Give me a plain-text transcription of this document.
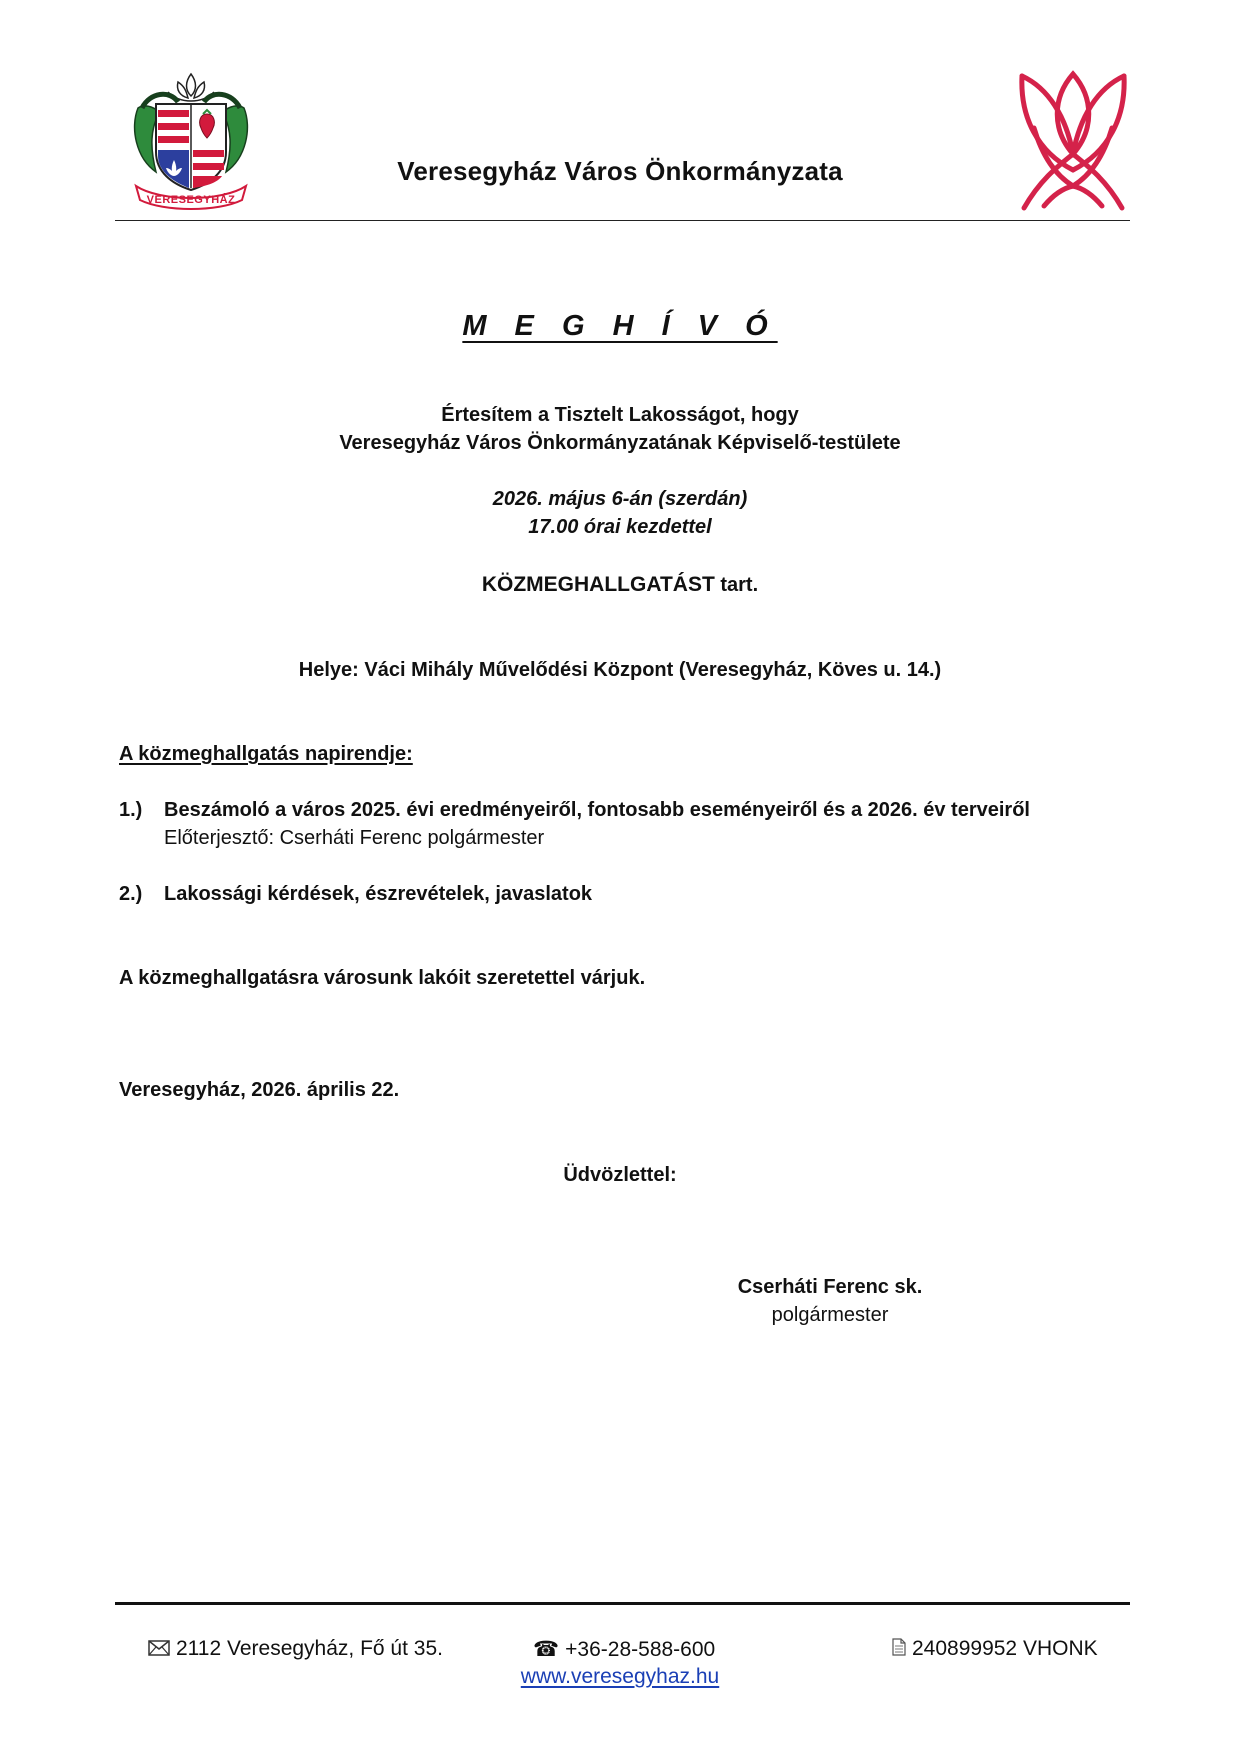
VERESEGYHÁZ
Veresegyház Város Önkormányzata
M E G H Í V Ó
Értesítem a Tisztelt Lakosságot, hogy
Veresegyház Város Önkormányzatának Képviselő-testülete
2026. május 6-án (szerdán)
17.00 órai kezdettel
KÖZMEGHALLGATÁST tart.
Helye: Váci Mihály Művelődési Központ (Veresegyház, Köves u. 14.)
A közmeghallgatás napirendje:
1.) Beszámoló a város 2025. évi eredményeiről, fontosabb eseményeiről és a 2026. év terveiről
Előterjesztő: Cserháti Ferenc polgármester
2.) Lakossági kérdések, észrevételek, javaslatok
A közmeghallgatásra városunk lakóit szeretettel várjuk.
Veresegyház, 2026. április 22.
Üdvözlettel:
Cserháti Ferenc sk.
polgármester
2112 Veresegyház, Fő út 35.	☎ +36-28-588-600
www.veresegyhaz.hu
240899952 VHONK
